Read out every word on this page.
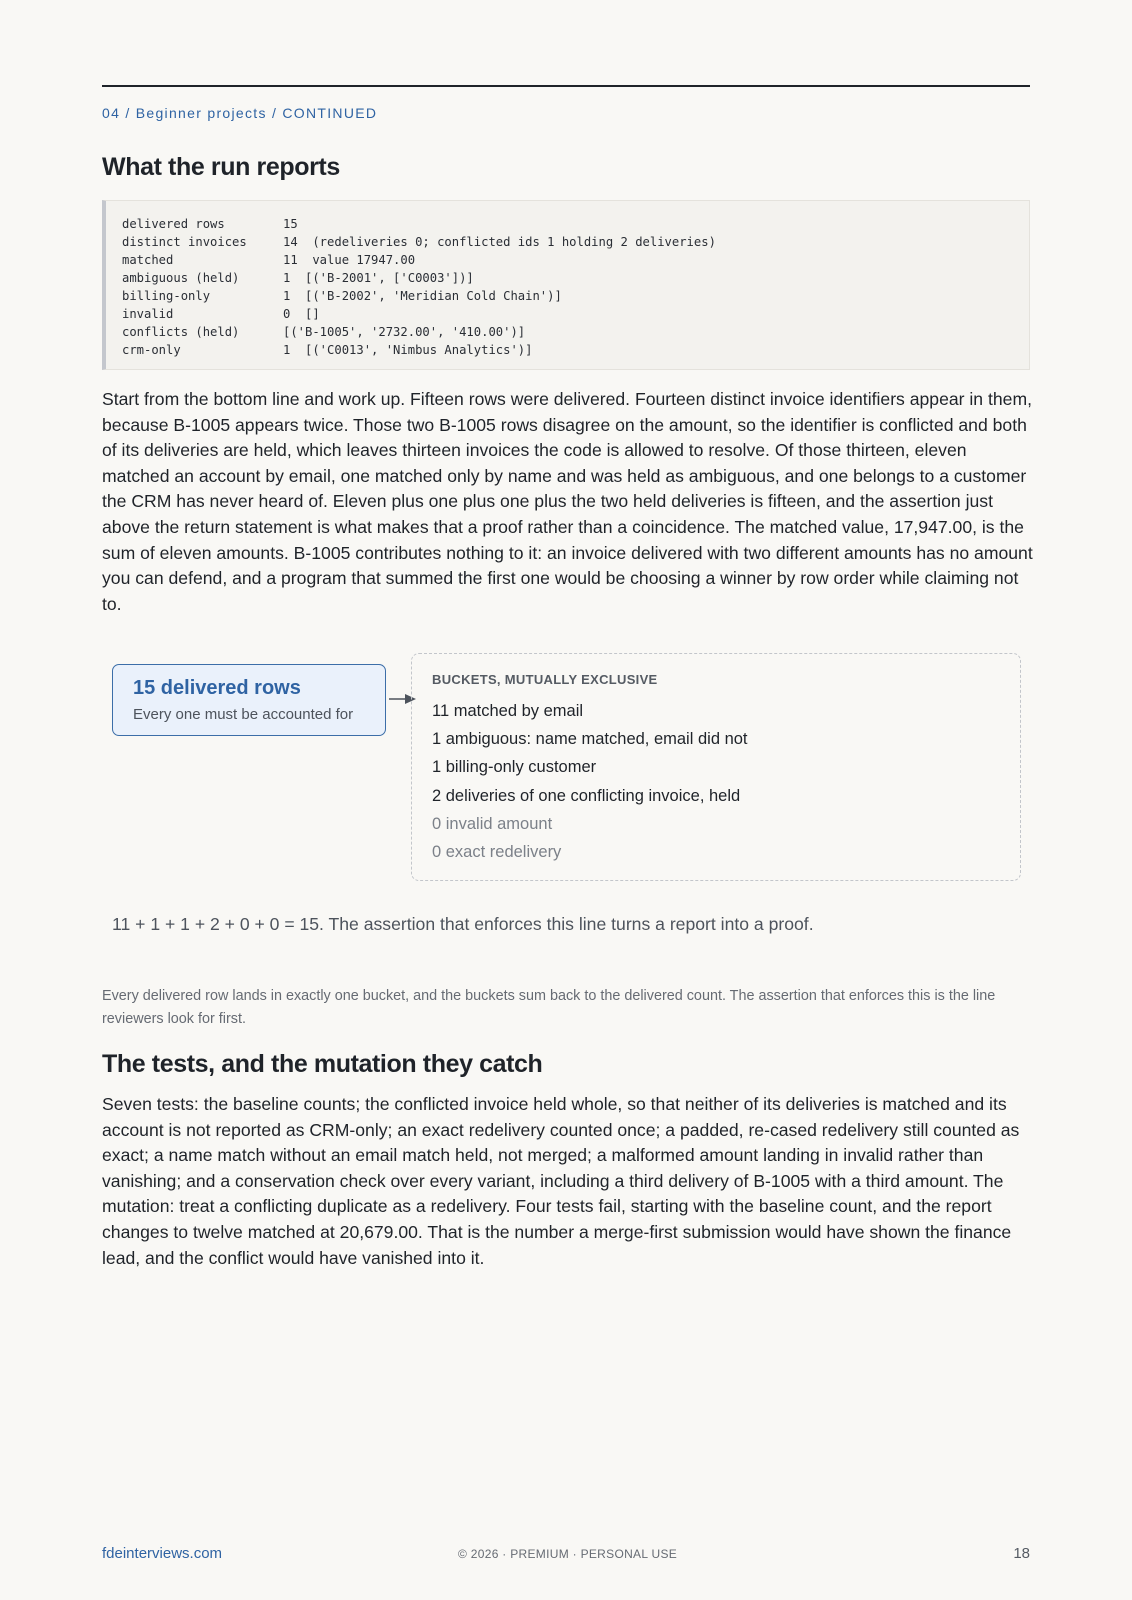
04 / Beginner projects / CONTINUED
What the run reports
delivered rows	15
distinct invoices	14  (redeliveries 0; conflicted ids 1 holding 2 deliveries)
matched	11  value 17947.00
ambiguous (held)	1  [('B-2001', ['C0003'])]
billing-only	1  [('B-2002', 'Meridian Cold Chain')]
invalid	0  []
conflicts (held)	[('B-1005', '2732.00', '410.00')]
crm-only	1  [('C0013', 'Nimbus Analytics')]

Start from the bottom line and work up. Fifteen rows were delivered. Fourteen distinct invoice identifiers appear in them, because B-1005 appears twice. Those two B-1005 rows disagree on the amount, so the identifier is conflicted and both of its deliveries are held, which leaves thirteen invoices the code is allowed to resolve. Of those thirteen, eleven matched an account by email, one matched only by name and was held as ambiguous, and one belongs to a customer the CRM has never heard of. Eleven plus one plus one plus the two held deliveries is fifteen, and the assertion just above the return statement is what makes that a proof rather than a coincidence. The matched value, 17,947.00, is the sum of eleven amounts. B-1005 contributes nothing to it: an invoice delivered with two different amounts has no amount you can defend, and a program that summed the first one would be choosing a winner by row order while claiming not to.

15 delivered rows
Every one must be accounted for
BUCKETS, MUTUALLY EXCLUSIVE
11 matched by email
1 ambiguous: name matched, email did not
1 billing-only customer
2 deliveries of one conflicting invoice, held
0 invalid amount
0 exact redelivery
11 + 1 + 1 + 2 + 0 + 0 = 15. The assertion that enforces this line turns a report into a proof.

Every delivered row lands in exactly one bucket, and the buckets sum back to the delivered count. The assertion that enforces this is the line reviewers look for first.

The tests, and the mutation they catch

Seven tests: the baseline counts; the conflicted invoice held whole, so that neither of its deliveries is matched and its account is not reported as CRM-only; an exact redelivery counted once; a padded, re-cased redelivery still counted as exact; a name match without an email match held, not merged; a malformed amount landing in invalid rather than vanishing; and a conservation check over every variant, including a third delivery of B-1005 with a third amount. The mutation: treat a conflicting duplicate as a redelivery. Four tests fail, starting with the baseline count, and the report changes to twelve matched at 20,679.00. That is the number a merge-first submission would have shown the finance lead, and the conflict would have vanished into it.

fdeinterviews.com	© 2026 · PREMIUM · PERSONAL USE	18
